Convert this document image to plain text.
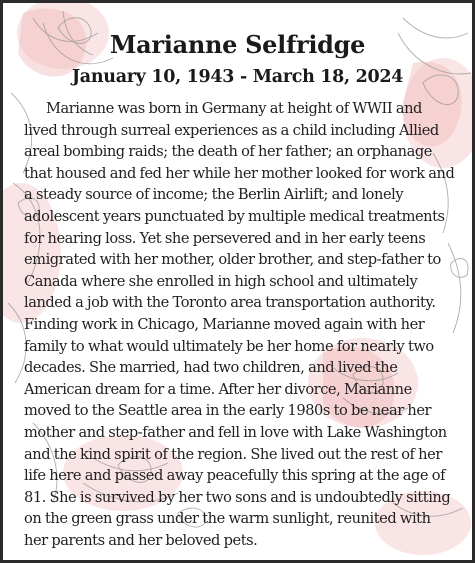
Marianne Selfridge
January 10, 1943 - March 18, 2024

Marianne was born in Germany at height of WWII and lived through surreal experiences as a child including Allied areal bombing raids; the death of her father; an orphanage that housed and fed her while her mother looked for work and a steady source of income; the Berlin Airlift; and lonely adolescent years punctuated by multiple medical treatments for hearing loss. Yet she persevered and in her early teens emigrated with her mother, older brother, and step-father to Canada where she enrolled in high school and ultimately landed a job with the Toronto area transportation authority. Finding work in Chicago, Marianne moved again with her family to what would ultimately be her home for nearly two decades. She married, had two children, and lived the American dream for a time. After her divorce, Marianne moved to the Seattle area in the early 1980s to be near her mother and step-father and fell in love with Lake Washington and the kind spirit of the region. She lived out the rest of her life here and passed away peacefully this spring at the age of 81. She is survived by her two sons and is undoubtedly sitting on the green grass under the warm sunlight, reunited with her parents and her beloved pets.
